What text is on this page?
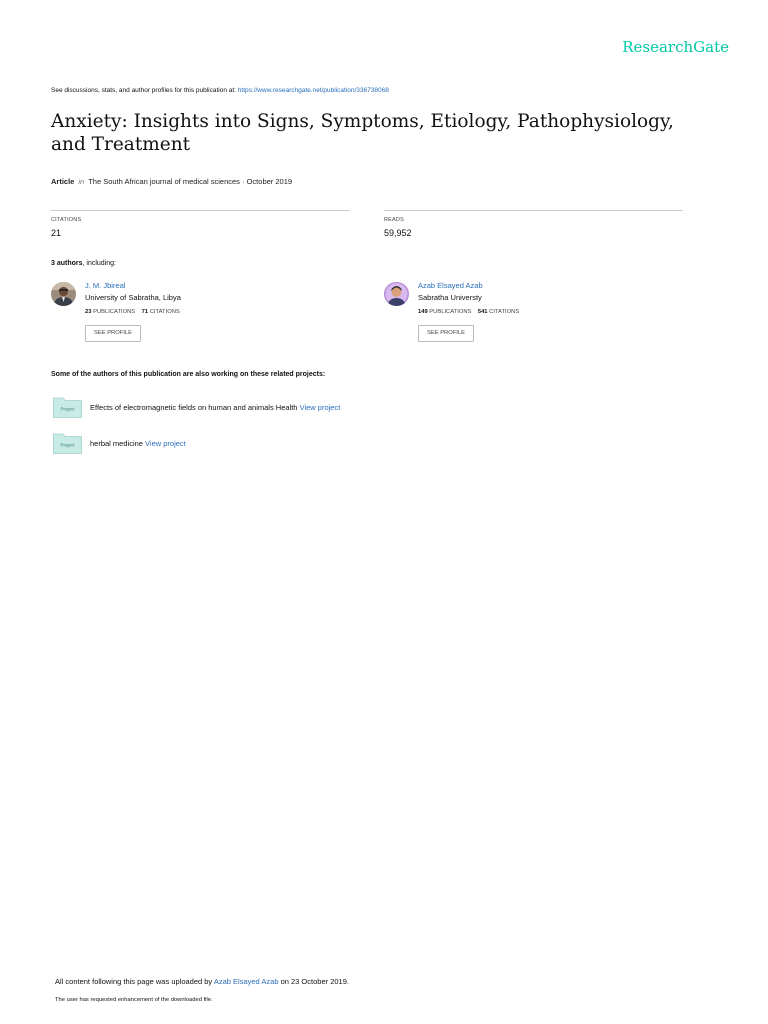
ResearchGate
See discussions, stats, and author profiles for this publication at: https://www.researchgate.net/publication/336738068
Anxiety: Insights into Signs, Symptoms, Etiology, Pathophysiology, and Treatment
Article in The South African journal of medical sciences · October 2019
CITATIONS
21
READS
59,952
3 authors, including:
J. M. Jbireal
University of Sabratha, Libya
23 PUBLICATIONS 71 CITATIONS
SEE PROFILE
Azab Elsayed Azab
Sabratha Universty
149 PUBLICATIONS 541 CITATIONS
SEE PROFILE
Some of the authors of this publication are also working on these related projects:
Project Effects of electromagnetic fields on human and animals Health View project
Project herbal medicine View project
All content following this page was uploaded by Azab Elsayed Azab on 23 October 2019.
The user has requested enhancement of the downloaded file.
